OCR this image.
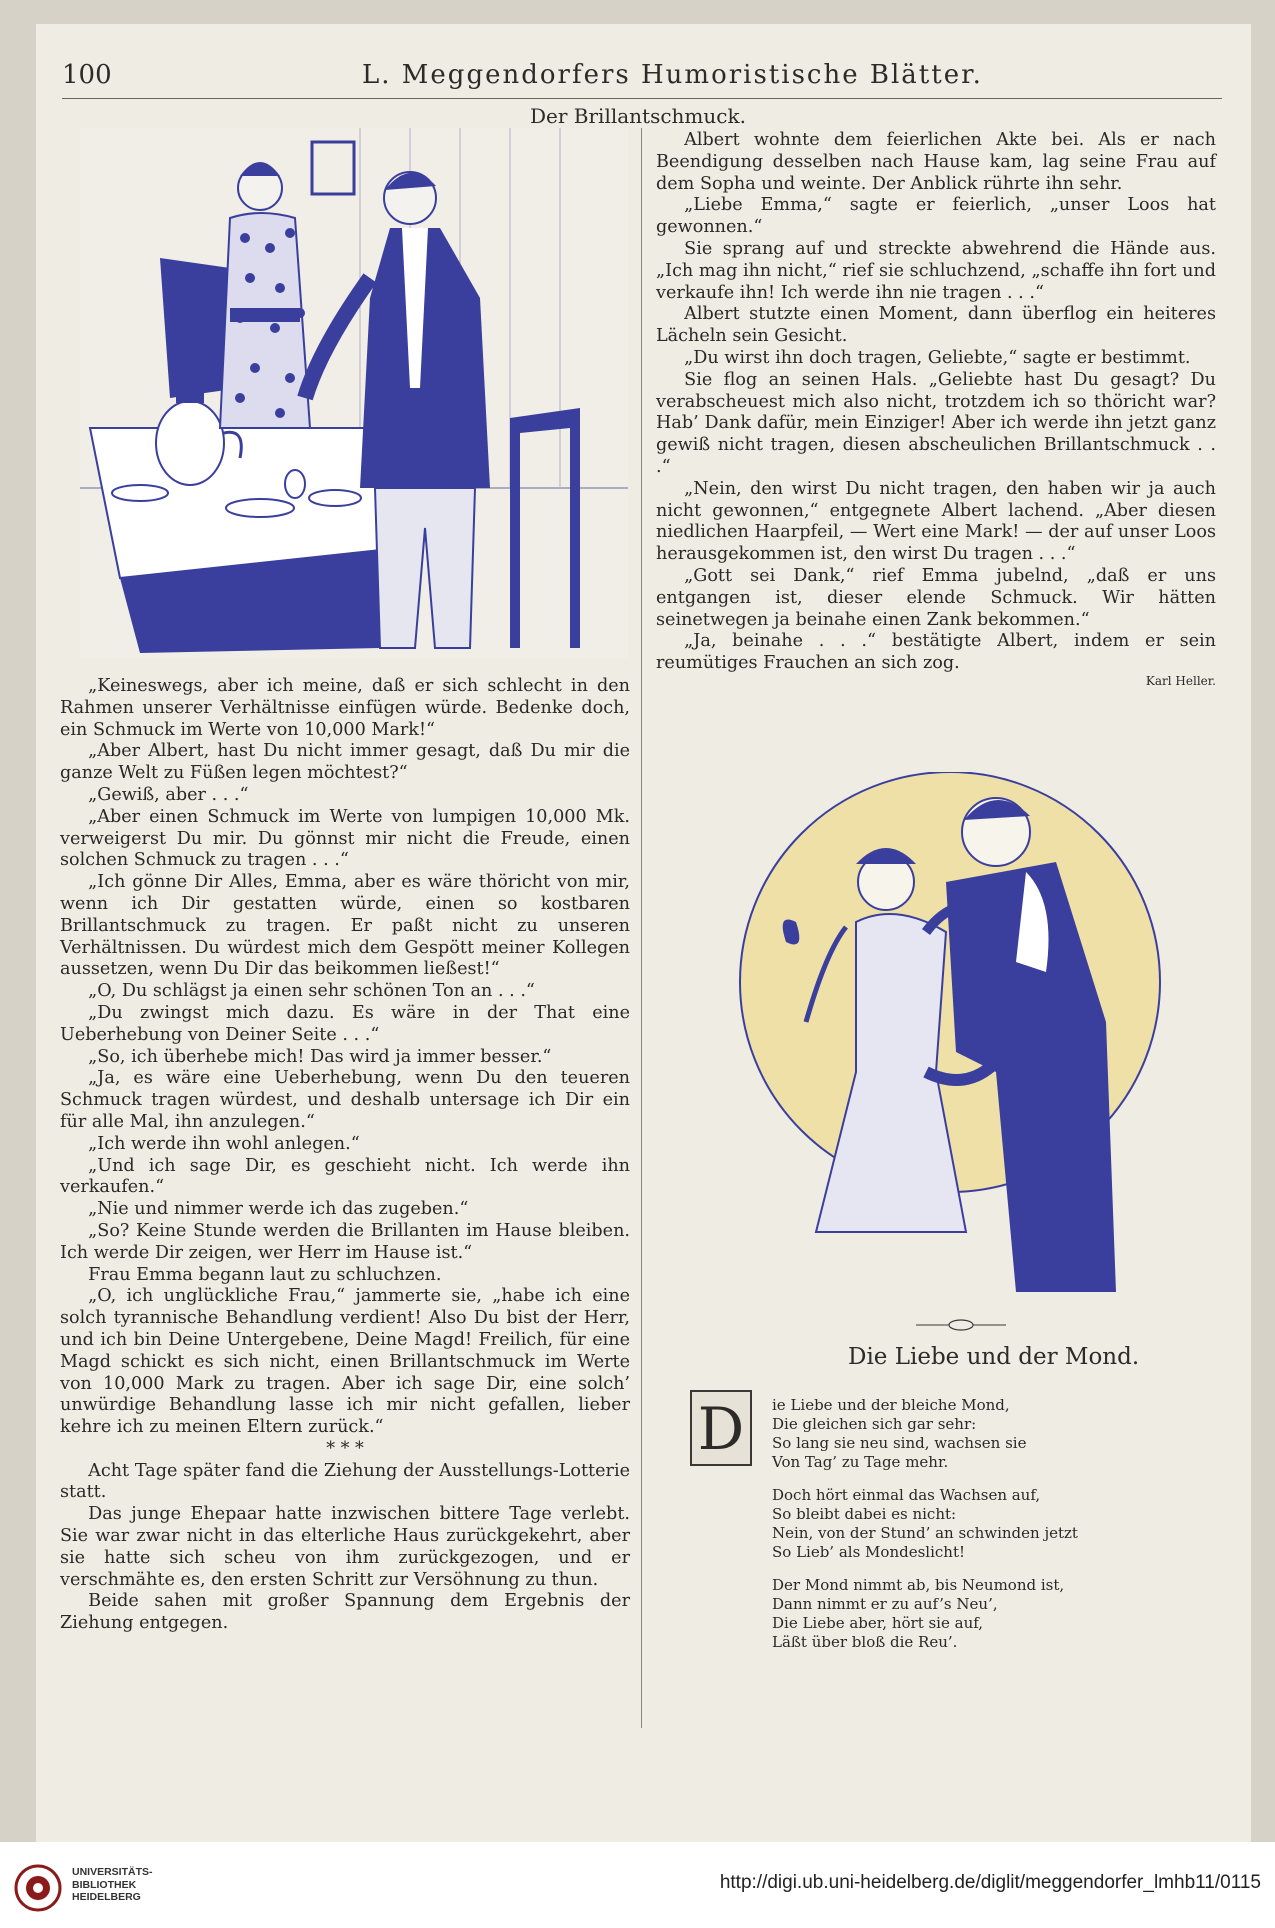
100	L. Meggendorfers Humoristische Blätter.
Der Brillantschmuck.

„Keineswegs, aber ich meine, daß er sich schlecht in den Rahmen unserer Verhältnisse einfügen würde. Bedenke doch, ein Schmuck im Werte von 10,000 Mark!“

„Aber Albert, hast Du nicht immer gesagt, daß Du mir die ganze Welt zu Füßen legen möchtest?“

„Gewiß, aber . . .“

„Aber einen Schmuck im Werte von lumpigen 10,000 Mk. verweigerst Du mir. Du gönnst mir nicht die Freude, einen solchen Schmuck zu tragen . . .“

„Ich gönne Dir Alles, Emma, aber es wäre thöricht von mir, wenn ich Dir gestatten würde, einen so kostbaren Brillantschmuck zu tragen. Er paßt nicht zu unseren Verhältnissen. Du würdest mich dem Gespött meiner Kollegen aussetzen, wenn Du Dir das beikommen ließest!“

„O, Du schlägst ja einen sehr schönen Ton an . . .“

„Du zwingst mich dazu. Es wäre in der That eine Ueberhebung von Deiner Seite . . .“

„So, ich überhebe mich! Das wird ja immer besser.“

„Ja, es wäre eine Ueberhebung, wenn Du den teueren Schmuck tragen würdest, und deshalb untersage ich Dir ein für alle Mal, ihn anzulegen.“

„Ich werde ihn wohl anlegen.“

„Und ich sage Dir, es geschieht nicht. Ich werde ihn verkaufen.“

„Nie und nimmer werde ich das zugeben.“

„So? Keine Stunde werden die Brillanten im Hause bleiben. Ich werde Dir zeigen, wer Herr im Hause ist.“

Frau Emma begann laut zu schluchzen.

„O, ich unglückliche Frau,“ jammerte sie, „habe ich eine solch tyrannische Behandlung verdient! Also Du bist der Herr, und ich bin Deine Untergebene, Deine Magd! Freilich, für eine Magd schickt es sich nicht, einen Brillantschmuck im Werte von 10,000 Mark zu tragen. Aber ich sage Dir, eine solch’ unwürdige Behandlung lasse ich mir nicht gefallen, lieber kehre ich zu meinen Eltern zurück.“

* * *

Acht Tage später fand die Ziehung der Ausstellungs-Lotterie statt.

Das junge Ehepaar hatte inzwischen bittere Tage verlebt. Sie war zwar nicht in das elterliche Haus zurückgekehrt, aber sie hatte sich scheu von ihm zurückgezogen, und er verschmähte es, den ersten Schritt zur Versöhnung zu thun.

Beide sahen mit großer Spannung dem Ergebnis der Ziehung entgegen.

Albert wohnte dem feierlichen Akte bei. Als er nach Beendigung desselben nach Hause kam, lag seine Frau auf dem Sopha und weinte. Der Anblick rührte ihn sehr.

„Liebe Emma,“ sagte er feierlich, „unser Loos hat gewonnen.“

Sie sprang auf und streckte abwehrend die Hände aus. „Ich mag ihn nicht,“ rief sie schluchzend, „schaffe ihn fort und verkaufe ihn! Ich werde ihn nie tragen . . .“

Albert stutzte einen Moment, dann überflog ein heiteres Lächeln sein Gesicht.

„Du wirst ihn doch tragen, Geliebte,“ sagte er bestimmt.

Sie flog an seinen Hals. „Geliebte hast Du gesagt? Du verabscheuest mich also nicht, trotzdem ich so thöricht war? Hab’ Dank dafür, mein Einziger! Aber ich werde ihn jetzt ganz gewiß nicht tragen, diesen abscheulichen Brillantschmuck . . .“

„Nein, den wirst Du nicht tragen, den haben wir ja auch nicht gewonnen,“ entgegnete Albert lachend. „Aber diesen niedlichen Haarpfeil, — Wert eine Mark! — der auf unser Loos herausgekommen ist, den wirst Du tragen . . .“

„Gott sei Dank,“ rief Emma jubelnd, „daß er uns entgangen ist, dieser elende Schmuck. Wir hätten seinetwegen ja beinahe einen Zank bekommen.“

„Ja, beinahe . . .“ bestätigte Albert, indem er sein reumütiges Frauchen an sich zog.

Karl Heller.
Die Liebe und der Mond.
D	ie Liebe und der bleiche Mond,
Die gleichen sich gar sehr:
So lang sie neu sind, wachsen sie
Von Tag’ zu Tage mehr.
Doch hört einmal das Wachsen auf,
So bleibt dabei es nicht:
Nein, von der Stund’ an schwinden jetzt
So Lieb’ als Mondeslicht!
Der Mond nimmt ab, bis Neumond ist,
Dann nimmt er zu auf’s Neu’,
Die Liebe aber, hört sie auf,
Läßt über bloß die Reu’.
UNIVERSITÄTS-
BIBLIOTHEK
HEIDELBERG
http://digi.ub.uni-heidelberg.de/diglit/meggendorfer_lmhb11/0115
